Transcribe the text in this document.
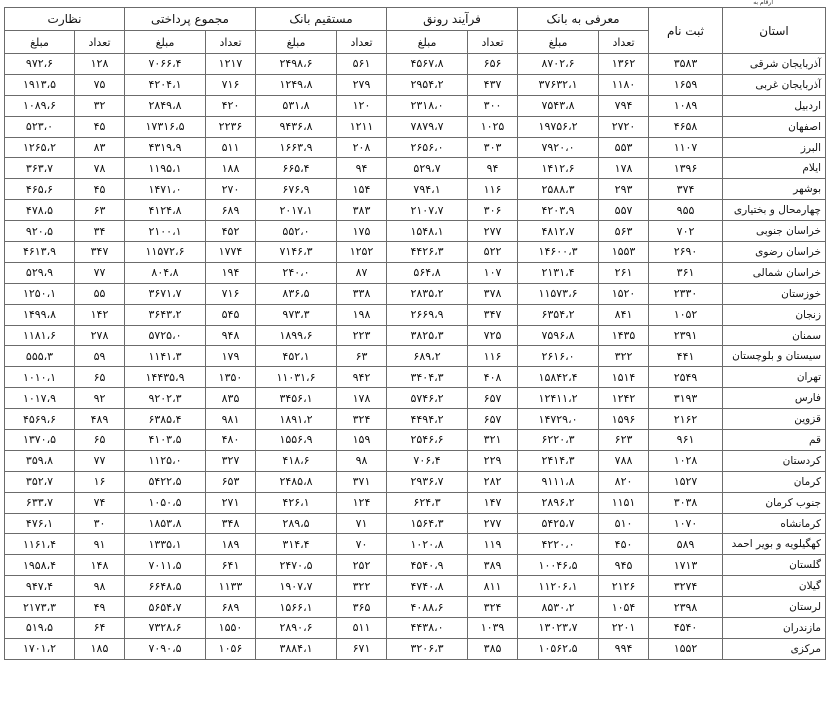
ارقام به
استان	ثبت نام	معرفی به بانک		فرآیند رونق		مستقیم بانک		مجموع پرداختی		نظارت	
		تعداد	مبلغ	تعداد	مبلغ	تعداد	مبلغ	تعداد	مبلغ	تعداد	مبلغ
آذربایجان شرقی	۳۵۸۳	۱۳۶۲	۸۷۰۲،۶	۶۵۶	۴۵۶۷،۸	۵۶۱	۲۴۹۸،۶	۱۲۱۷	۷۰۶۶،۴	۱۲۸	۹۷۲،۶
آذربایجان غربی	۱۶۵۹	۱۱۸۰	۳۷۶۳۲،۱	۴۳۷	۲۹۵۴،۲	۲۷۹	۱۲۴۹،۸	۷۱۶	۴۲۰۴،۱	۷۵	۱۹۱۳،۵
اردبیل	۱۰۸۹	۷۹۴	۷۵۴۳،۸	۳۰۰	۲۳۱۸،۰	۱۲۰	۵۳۱،۸	۴۲۰	۲۸۴۹،۸	۳۲	۱۰۸۹،۶
اصفهان	۴۶۵۸	۲۷۲۰	۱۹۷۵۶،۲	۱۰۲۵	۷۸۷۹،۷	۱۲۱۱	۹۴۳۶،۸	۲۲۳۶	۱۷۳۱۶،۵	۴۵	۵۲۳،۰
البرز	۱۱۰۷	۵۵۳	۷۹۲۰،۰	۳۰۳	۲۶۵۶،۰	۲۰۸	۱۶۶۳،۹	۵۱۱	۴۳۱۹،۹	۸۳	۱۲۶۵،۲
ایلام	۱۳۹۶	۱۷۸	۱۴۱۲،۶	۹۴	۵۲۹،۷	۹۴	۶۶۵،۴	۱۸۸	۱۱۹۵،۱	۷۸	۳۶۳،۷
بوشهر	۳۷۴	۲۹۳	۲۵۸۸،۳	۱۱۶	۷۹۴،۱	۱۵۴	۶۷۶،۹	۲۷۰	۱۴۷۱،۰	۴۵	۴۶۵،۶
چهارمحال و بختیاری	۹۵۵	۵۵۷	۴۲۰۳،۹	۳۰۶	۲۱۰۷،۷	۳۸۳	۲۰۱۷،۱	۶۸۹	۴۱۲۴،۸	۶۳	۴۷۸،۵
خراسان جنوبی	۷۰۲	۵۶۳	۴۸۱۲،۷	۲۷۷	۱۵۴۸،۱	۱۷۵	۵۵۲،۰	۴۵۲	۲۱۰۰،۱	۳۴	۹۲۰،۵
خراسان رضوی	۲۶۹۰	۱۵۵۳	۱۴۶۰۰،۳	۵۲۲	۴۴۲۶،۳	۱۲۵۲	۷۱۴۶،۳	۱۷۷۴	۱۱۵۷۲،۶	۳۴۷	۴۶۱۳،۹
خراسان شمالی	۳۶۱	۲۶۱	۲۱۳۱،۴	۱۰۷	۵۶۴،۸	۸۷	۲۴۰،۰	۱۹۴	۸۰۴،۸	۷۷	۵۲۹،۹
خوزستان	۲۳۳۰	۱۵۲۰	۱۱۵۷۳،۶	۳۷۸	۲۸۳۵،۲	۳۳۸	۸۳۶،۵	۷۱۶	۳۶۷۱،۷	۵۵	۱۲۵۰،۱
زنجان	۱۰۵۲	۸۴۱	۶۳۵۴،۲	۳۴۷	۲۶۶۹،۹	۱۹۸	۹۷۳،۳	۵۴۵	۳۶۴۳،۲	۱۴۲	۱۴۹۹،۸
سمنان	۲۳۹۱	۱۴۳۵	۷۵۹۶،۸	۷۲۵	۳۸۲۵،۳	۲۲۳	۱۸۹۹،۶	۹۴۸	۵۷۲۵،۰	۲۷۸	۱۱۸۱،۶
سیستان و بلوچستان	۴۴۱	۳۲۲	۲۶۱۶،۰	۱۱۶	۶۸۹،۲	۶۳	۴۵۲،۱	۱۷۹	۱۱۴۱،۳	۵۹	۵۵۵،۳
تهران	۲۵۴۹	۱۵۱۴	۱۵۸۴۲،۴	۴۰۸	۳۴۰۴،۳	۹۴۲	۱۱۰۳۱،۶	۱۳۵۰	۱۴۴۳۵،۹	۶۵	۱۰۱۰،۱
فارس	۳۱۹۳	۱۲۴۲	۱۲۴۱۱،۲	۶۵۷	۵۷۴۶،۲	۱۷۸	۳۴۵۶،۱	۸۳۵	۹۲۰۲،۳	۹۲	۱۰۱۷،۹
قزوین	۲۱۶۲	۱۵۹۶	۱۴۷۲۹،۰	۶۵۷	۴۴۹۴،۲	۳۲۴	۱۸۹۱،۲	۹۸۱	۶۳۸۵،۴	۴۸۹	۴۵۶۹،۶
قم	۹۶۱	۶۲۳	۶۲۲۰،۳	۳۲۱	۲۵۴۶،۶	۱۵۹	۱۵۵۶،۹	۴۸۰	۴۱۰۳،۵	۶۵	۱۳۷۰،۵
کردستان	۱۰۲۸	۷۸۸	۲۴۱۴،۳	۲۲۹	۷۰۶،۴	۹۸	۴۱۸،۶	۳۲۷	۱۱۲۵،۰	۷۷	۳۵۹،۸
کرمان	۱۵۲۷	۸۲۰	۹۱۱۱،۸	۲۸۲	۲۹۳۶،۷	۳۷۱	۲۴۸۵،۸	۶۵۳	۵۴۲۲،۵	۱۶	۳۵۲،۷
جنوب کرمان	۳۰۳۸	۱۱۵۱	۲۸۹۶،۲	۱۴۷	۶۲۴،۳	۱۲۴	۴۲۶،۱	۲۷۱	۱۰۵۰،۵	۷۴	۶۳۳،۷
کرمانشاه	۱۰۷۰	۵۱۰	۵۴۲۵،۷	۲۷۷	۱۵۶۴،۳	۷۱	۲۸۹،۵	۳۴۸	۱۸۵۳،۸	۳۰	۴۷۶،۱
کهگیلویه و بویر احمد	۵۸۹	۴۵۰	۴۲۲۰،۰	۱۱۹	۱۰۲۰،۸	۷۰	۳۱۴،۴	۱۸۹	۱۳۳۵،۱	۹۱	۱۱۶۱،۴
گلستان	۱۷۱۳	۹۴۵	۱۰۰۴۶،۵	۳۸۹	۴۵۴۰،۹	۲۵۲	۲۴۷۰،۵	۶۴۱	۷۰۱۱،۵	۱۴۸	۱۹۵۸،۴
گیلان	۳۲۷۴	۲۱۲۶	۱۱۲۰۶،۱	۸۱۱	۴۷۴۰،۸	۳۲۲	۱۹۰۷،۷	۱۱۳۳	۶۶۴۸،۵	۹۸	۹۴۷،۴
لرستان	۲۳۹۸	۱۰۵۴	۸۵۳۰،۲	۳۲۴	۴۰۸۸،۶	۳۶۵	۱۵۶۶،۱	۶۸۹	۵۶۵۴،۷	۴۹	۲۱۷۳،۳
مازندران	۴۵۴۰	۲۲۰۱	۱۳۰۲۳،۷	۱۰۳۹	۴۴۳۸،۰	۵۱۱	۲۸۹۰،۶	۱۵۵۰	۷۳۲۸،۶	۶۴	۵۱۹،۵
مرکزی	۱۵۵۲	۹۹۴	۱۰۵۶۲،۵	۳۸۵	۳۲۰۶،۳	۶۷۱	۳۸۸۴،۱	۱۰۵۶	۷۰۹۰،۵	۱۸۵	۱۷۰۱،۲
